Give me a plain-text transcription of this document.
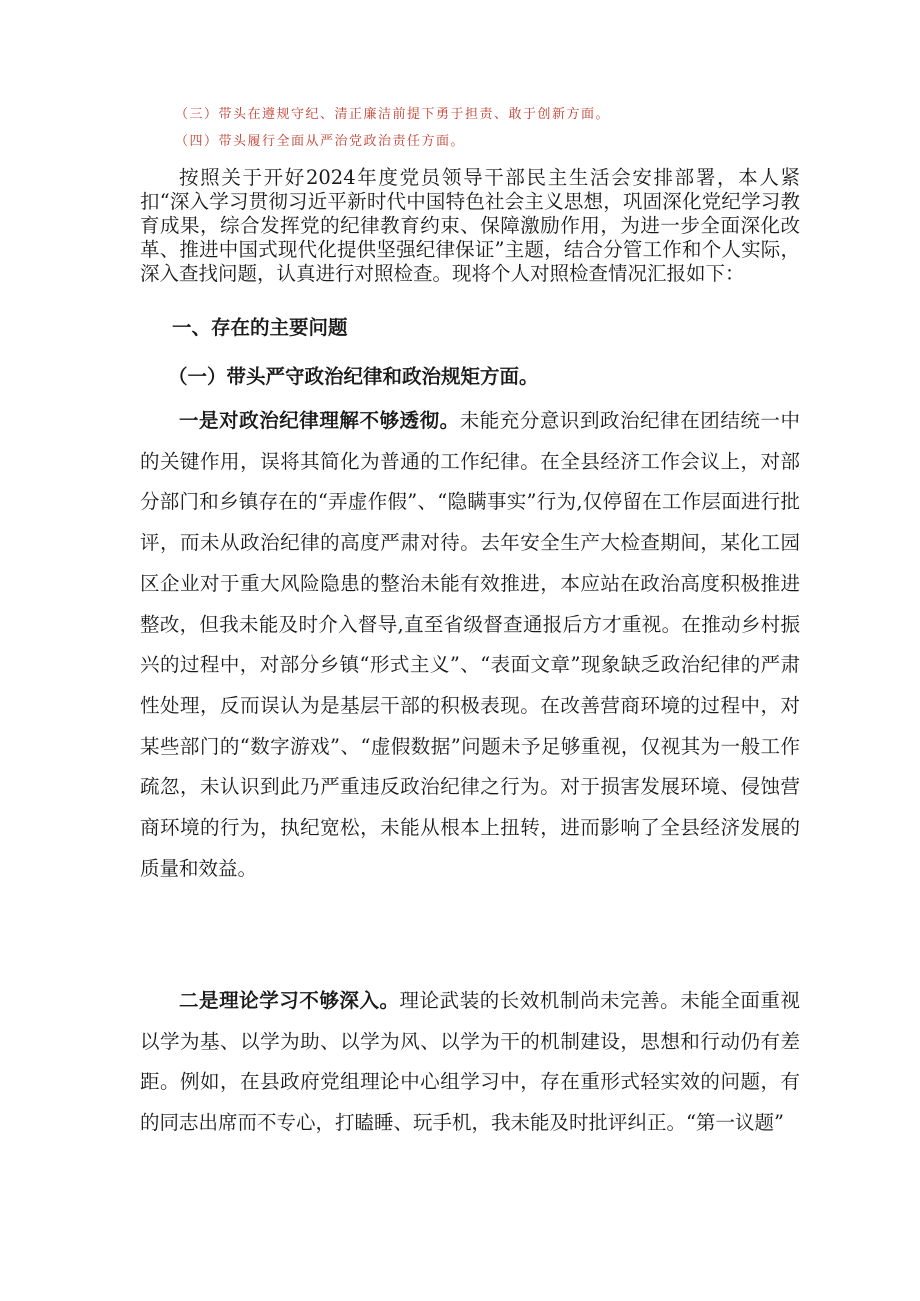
（三）带头在遵规守纪、清正廉洁前提下勇于担责、敢于创新方面。
（四）带头履行全面从严治党政治责任方面。

按照关于开好2024年度党员领导干部民主生活会安排部署，本人紧扣“深入学习贯彻习近平新时代中国特色社会主义思想，巩固深化党纪学习教育成果，综合发挥党的纪律教育约束、保障激励作用，为进一步全面深化改革、推进中国式现代化提供坚强纪律保证”主题，结合分管工作和个人实际，深入查找问题，认真进行对照检查。现将个人对照检查情况汇报如下：

一、存在的主要问题
（一）带头严守政治纪律和政治规矩方面。

一是对政治纪律理解不够透彻。未能充分意识到政治纪律在团结统一中的关键作用，误将其简化为普通的工作纪律。在全县经济工作会议上，对部分部门和乡镇存在的“弄虚作假”、“隐瞒事实”行为,仅停留在工作层面进行批评，而未从政治纪律的高度严肃对待。去年安全生产大检查期间，某化工园区企业对于重大风险隐患的整治未能有效推进，本应站在政治高度积极推进整改，但我未能及时介入督导,直至省级督查通报后方才重视。在推动乡村振兴的过程中，对部分乡镇“形式主义”、“表面文章”现象缺乏政治纪律的严肃性处理，反而误认为是基层干部的积极表现。在改善营商环境的过程中，对某些部门的“数字游戏”、“虚假数据”问题未予足够重视，仅视其为一般工作疏忽，未认识到此乃严重违反政治纪律之行为。对于损害发展环境、侵蚀营商环境的行为，执纪宽松，未能从根本上扭转，进而影响了全县经济发展的质量和效益。

二是理论学习不够深入。理论武装的长效机制尚未完善。未能全面重视以学为基、以学为助、以学为风、以学为干的机制建设，思想和行动仍有差距。例如，在县政府党组理论中心组学习中，存在重形式轻实效的问题，有的同志出席而不专心，打瞌睡、玩手机，我未能及时批评纠正。“第一议题”
